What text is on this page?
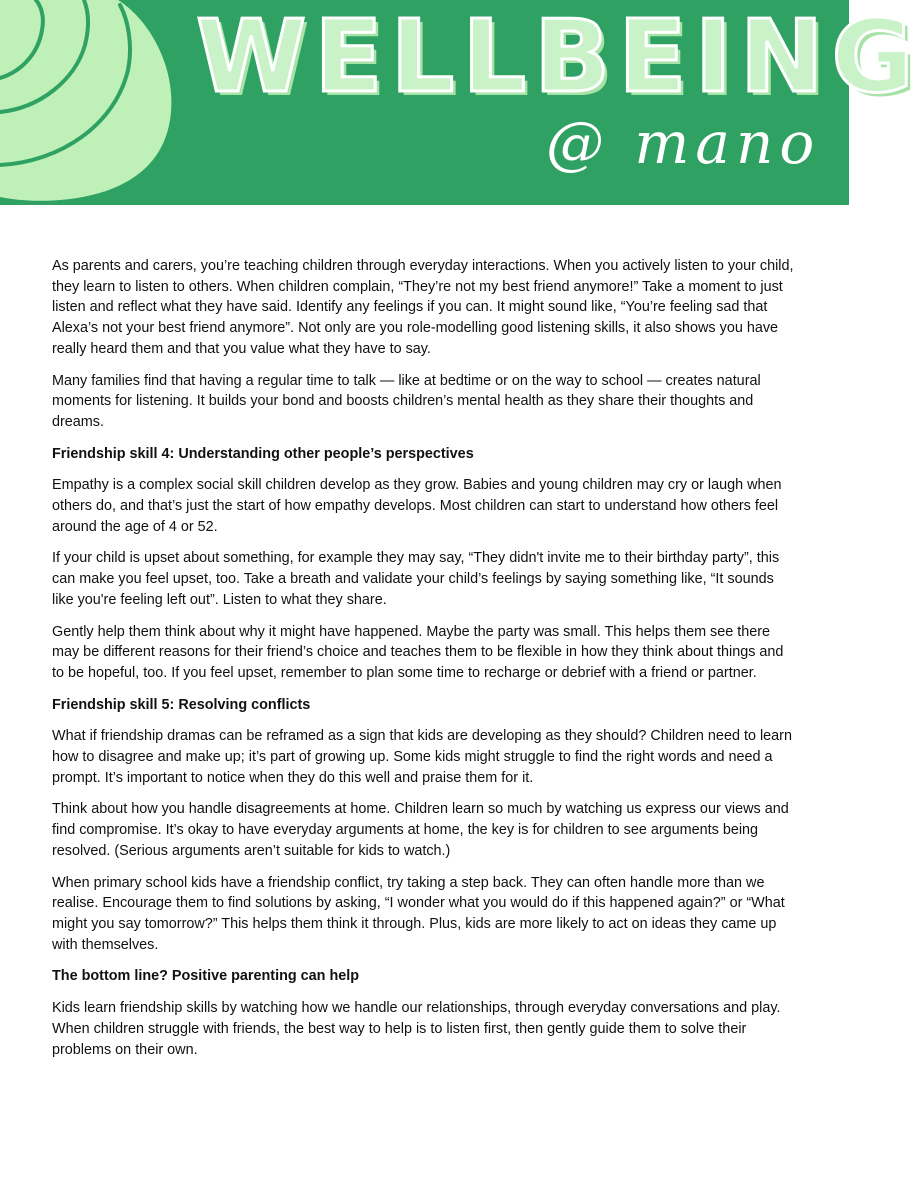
WELLBEING
@ mano

As parents and carers, you’re teaching children through everyday interactions. When you actively listen to your child, they learn to listen to others. When children complain, “They’re not my best friend anymore!” Take a moment to just listen and reflect what they have said. Identify any feelings if you can. It might sound like, “You’re feeling sad that Alexa’s not your best friend anymore”. Not only are you role-modelling good listening skills, it also shows you have really heard them and that you value what they have to say.

Many families find that having a regular time to talk — like at bedtime or on the way to school — creates natural moments for listening. It builds your bond and boosts children’s mental health as they share their thoughts and dreams.

Friendship skill 4: Understanding other people’s perspectives

Empathy is a complex social skill children develop as they grow. Babies and young children may cry or laugh when others do, and that’s just the start of how empathy develops. Most children can start to understand how others feel around the age of 4 or 52.

If your child is upset about something, for example they may say, “They didn't invite me to their birthday party”, this can make you feel upset, too. Take a breath and validate your child’s feelings by saying something like, “It sounds like you're feeling left out”. Listen to what they share.

Gently help them think about why it might have happened. Maybe the party was small. This helps them see there may be different reasons for their friend’s choice and teaches them to be flexible in how they think about things and to be hopeful, too. If you feel upset, remember to plan some time to recharge or debrief with a friend or partner.

Friendship skill 5: Resolving conflicts

What if friendship dramas can be reframed as a sign that kids are developing as they should? Children need to learn how to disagree and make up; it’s part of growing up. Some kids might struggle to find the right words and need a prompt. It’s important to notice when they do this well and praise them for it.

Think about how you handle disagreements at home. Children learn so much by watching us express our views and find compromise. It’s okay to have everyday arguments at home, the key is for children to see arguments being resolved. (Serious arguments aren’t suitable for kids to watch.)

When primary school kids have a friendship conflict, try taking a step back. They can often handle more than we realise. Encourage them to find solutions by asking, “I wonder what you would do if this happened again?” or “What might you say tomorrow?” This helps them think it through. Plus, kids are more likely to act on ideas they came up with themselves.

The bottom line? Positive parenting can help

Kids learn friendship skills by watching how we handle our relationships, through everyday conversations and play. When children struggle with friends, the best way to help is to listen first, then gently guide them to solve their problems on their own.
